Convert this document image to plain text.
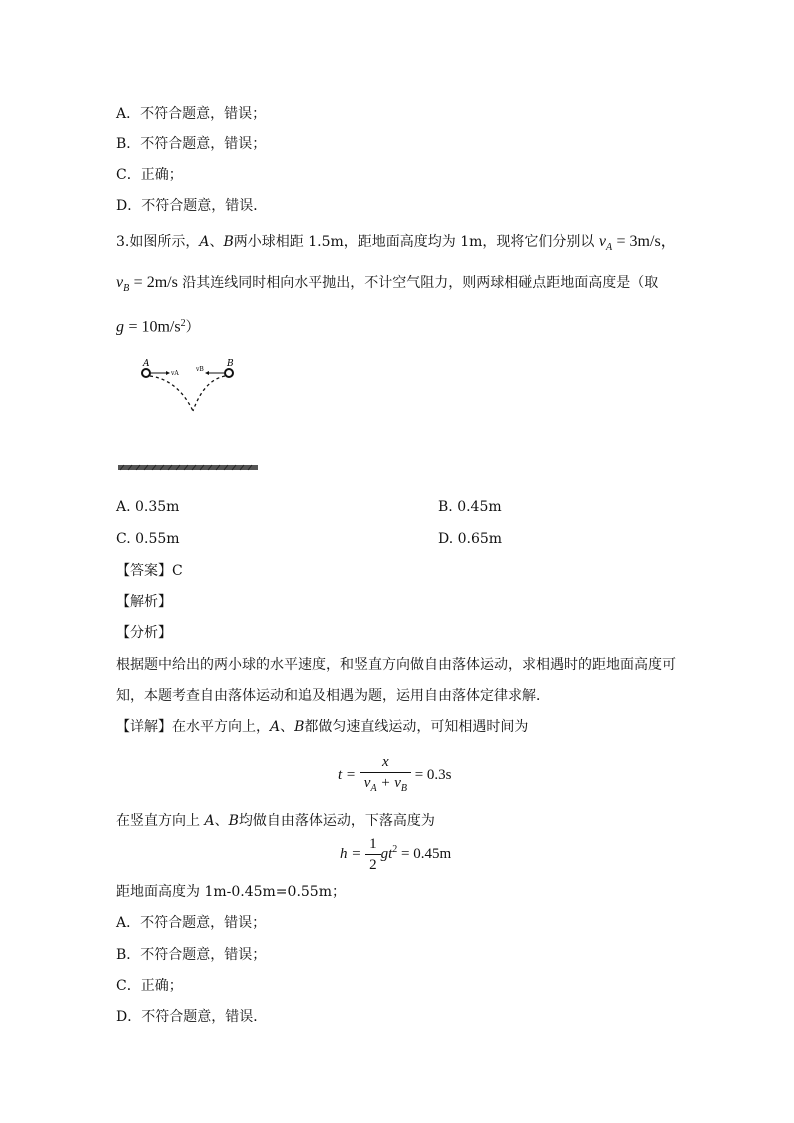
A．不符合题意，错误；
B．不符合题意，错误；
C．正确；
D．不符合题意，错误．
3.如图所示，A、B两小球相距 1.5m，距地面高度均为 1m，现将它们分别以 $v_A = 3m/s$，
$v_B = 2m/s$ 沿其连线同时相向水平抛出，不计空气阻力，则两球相碰点距地面高度是（取
$g = 10m/s^2$）
A	B
vA
vB
A. 0.35m	B. 0.45m
C. 0.55m	D. 0.65m
【答案】C
【解析】
【分析】
根据题中给出的两小球的水平速度，和竖直方向做自由落体运动，求相遇时的距地面高度可
知，本题考查自由落体运动和追及相遇为题，运用自由落体定律求解．
【详解】在水平方向上，A、B都做匀速直线运动，可知相遇时间为
$t = \frac{x}{v_A + v_B} = 0.3s$
在竖直方向上 A、B均做自由落体运动，下落高度为
$h = \frac{1}{2} gt^2 = 0.45m$
距地面高度为 1m-0.45m=0.55m；
A．不符合题意，错误；
B．不符合题意，错误；
C．正确；
D．不符合题意，错误．
